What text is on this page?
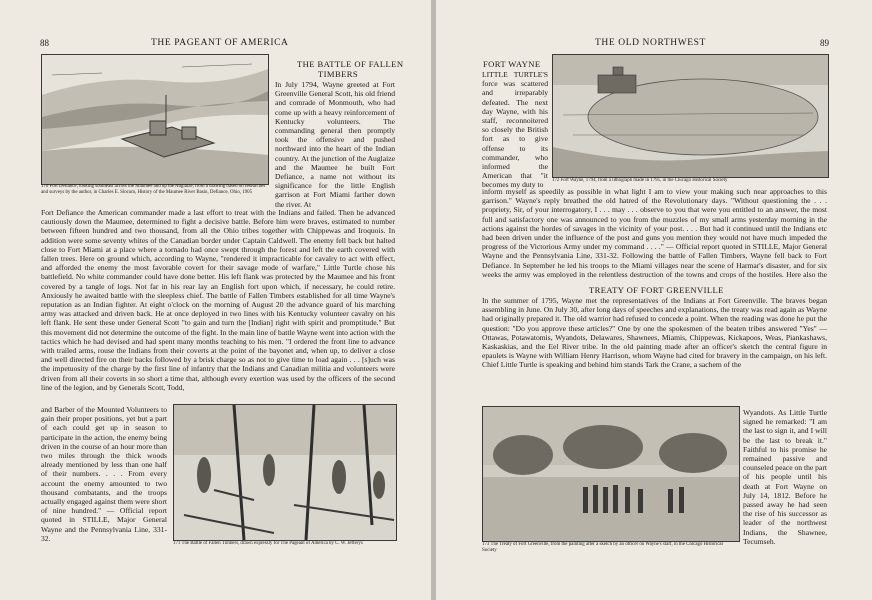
88	THE PAGEANT OF AMERICA
170 Fort Defiance, looking southeast across the Maumee and up the Auglaize, from a drawing based on researches and surveys by the author, in Charles E. Slocum, History of the Maumee River Basin, Defiance, Ohio, 1905
THE BATTLE OF FALLEN
TIMBERS
In July 1794, Wayne greeted at Fort Greenville General Scott, his old friend and comrade of Monmouth, who had come up with a heavy reinforcement of Kentucky volunteers. The commanding general then promptly took the offensive and pushed northward into the heart of the Indian country. At the junction of the Auglaize and the Maumee he built Fort Defiance, a name not without its significance for the little English garrison at Fort Miami farther down the river. At
Fort Defiance the American commander made a last effort to treat with the Indians and failed. Then he advanced cautiously down the Maumee, determined to fight a decisive battle. Before him were braves, estimated to number between fifteen hundred and two thousand, from all the Ohio tribes together with Chippewas and Iroquois. In addition were some seventy whites of the Canadian border under Captain Caldwell. The enemy fell back but halted close to Fort Miami at a place where a tornado had once swept through the forest and left the earth covered with fallen trees. Here on ground which, according to Wayne, "rendered it impracticable for cavalry to act with effect, and afforded the enemy the most favorable covert for their savage mode of warfare," Little Turtle chose his battlefield. No white commander could have done better. His left flank was protected by the Maumee and his front covered by a tangle of logs. Not far in his rear lay an English fort upon which, if necessary, he could retire. Anxiously he awaited battle with the sleepless chief. The battle of Fallen Timbers established for all time Wayne's reputation as an Indian fighter. At eight o'clock on the morning of August 20 the advance guard of his marching army was attacked and driven back. He at once deployed in two lines with his Kentucky volunteer cavalry on his left flank. He sent these under General Scott "to gain and turn the [Indian] right with spirit and promptitude." But this movement did not determine the outcome of the fight. In the main line of battle Wayne went into action with the tactics which he had devised and had spent many months teaching to his men. "I ordered the front line to advance with trailed arms, rouse the Indians from their coverts at the point of the bayonet and, when up, to deliver a close and well directed fire on their backs followed by a brisk charge so as not to give time to load again . . . [s]uch was the impetuosity of the charge by the first line of infantry that the Indians and Canadian militia and volunteers were driven from all their coverts in so short a time that, although every exertion was used by the officers of the second line of the legion, and by Generals Scott, Todd,
and Barber of the Mounted Volunteers to gain their proper positions, yet but a part of each could get up in season to participate in the action, the enemy being driven in the course of an hour more than two miles through the thick woods already mentioned by less than one half of their numbers. . . . From every account the enemy amounted to two thousand combatants, and the troops actually engaged against them were short of nine hundred." — Official report quoted in STILLE, Major General Wayne and the Pennsylvania Line, 331-32.
171 The Battle of Fallen Timbers, drawn expressly for The Pageant of America by C. W. Jefferys
THE OLD NORTHWEST	89
FORT WAYNE
LITTLE TURTLE'S force was scattered and irreparably defeated. The next day Wayne, with his staff, reconnoitered so closely the British fort as to give offense to its commander, who informed the American that "it becomes my duty to	172 Fort Wayne, 1794, from a lithograph made in 1795, in the Chicago Historical Society
inform myself as speedily as possible in what light I am to view your making such near approaches to this garrison." Wayne's reply breathed the old hatred of the Revolutionary days. "Without questioning the . . . propriety, Sir, of your interrogatory, I . . . may . . . observe to you that were you entitled to an answer, the most full and satisfactory one was announced to you from the muzzles of my small arms yesterday morning in the actions against the hordes of savages in the vicinity of your post. . . . But had it continued until the Indians etc had been driven under the influence of the post and guns you mention they would not have much impeded the progress of the Victorious Army under my command . . . ." — Official report quoted in STILLE, Major General Wayne and the Pennsylvania Line, 331-32. Following the battle of Fallen Timbers, Wayne fell back to Fort Defiance. In September he led his troops to the Miami villages near the scene of Harmar's disaster, and for six weeks the army was employed in the relentless destruction of the towns and crops of the hostiles. Here also the
TREATY OF FORT GREENVILLE
In the summer of 1795, Wayne met the representatives of the Indians at Fort Greenville. The braves began assembling in June. On July 30, after long days of speeches and explanations, the treaty was read again as Wayne had originally prepared it. The old warrior had refused to concede a point. When the reading was done he put the question: "Do you approve these articles?" One by one the spokesmen of the beaten tribes answered "Yes" — Ottawas, Potawatomis, Wyandots, Delawares, Shawnees, Miamis, Chippewas, Kickapoos, Weas, Piankashaws, Kaskaskias, and the Eel River tribe. In the old painting made after an officer's sketch the central figure in epaulets is Wayne with William Henry Harrison, whom Wayne had cited for bravery in the campaign, on his left. Chief Little Turtle is speaking and behind him stands Tark the Crane, a sachem of the
173 The Treaty of Fort Greenville, from the painting after a sketch by an officer on Wayne's staff, in the Chicago Historical Society
Wyandots. As Little Turtle signed he remarked: "I am the last to sign it, and I will be the last to break it." Faithful to his promise he remained passive and counseled peace on the part of his people until his death at Fort Wayne on July 14, 1812. Before he passed away he had seen the rise of his successor as leader of the northwest Indians, the Shawnee, Tecumseh.
